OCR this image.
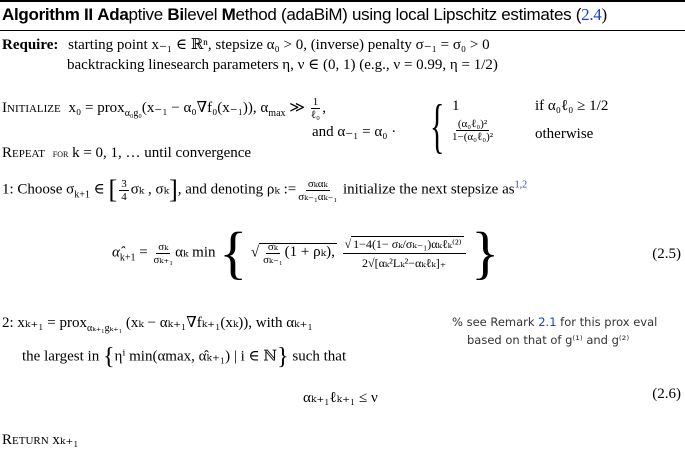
Algorithm II Adaptive Bilevel Method (adaBiM) using local Lipschitz estimates (2.4)
Require: starting point x₋₁ ∈ ℝⁿ, stepsize α₀ > 0, (inverse) penalty σ₋₁ = σ₀ > 0
backtracking linesearch parameters η, ν ∈ (0, 1) (e.g., ν = 0.99, η = 1/2)
Initialize x₀ = prox$_{\alpha_0g_0}$(x₋₁ − α₀∇f₀(x₋₁)), $\alpha_{max}$ ≫ $\frac{1}{\text{ℓ₀}}$ ,
and α₋₁ = α₀ · { 1	if α₀ℓ₀ ≥ 1/2
$\frac{\text{(α₀ℓ₀)²}}{\text{1−(α₀ℓ₀)²}}$	otherwise
Repeat for k = 0, 1, … until convergence
1: Choose $\sigma_{k+1}$ ∈ [ $\frac{3}{4}$ σₖ , σₖ], and denoting ρₖ := $\frac{\text{σₖαₖ}}{\text{σₖ₋₁αₖ₋₁}}$ initialize the next stepsize as$^{1,2}$
$\alphâ_{k+1} = \frac{\text{σₖ}}{\text{σₖ₊₁}}$ αₖ min { √ $\frac{\text{σₖ}}{\text{σₖ₋₁}} (1 + \rho_k)$, $\frac{\text{√ 1−4(1− σₖ/σₖ₋₁)αₖℓₖ⁽²⁾}}{\text{2√[αₖ²Lₖ²−αₖℓₖ]₊}}$ }	(2.5)
2: xₖ₊₁ = prox$_{\alpha_{k+1}g_{k+1}}$ (xₖ − αₖ₊₁∇fₖ₊₁(xₖ)), with αₖ₊₁
the largest in {ηⁱ min(αmax, α̂ₖ₊₁) | i ∈ ℕ} such that
% see Remark 2.1 for this prox eval
based on that of g⁽¹⁾ and g⁽²⁾
αₖ₊₁ℓₖ₊₁ ≤ ν	(2.6)
Return xₖ₊₁
